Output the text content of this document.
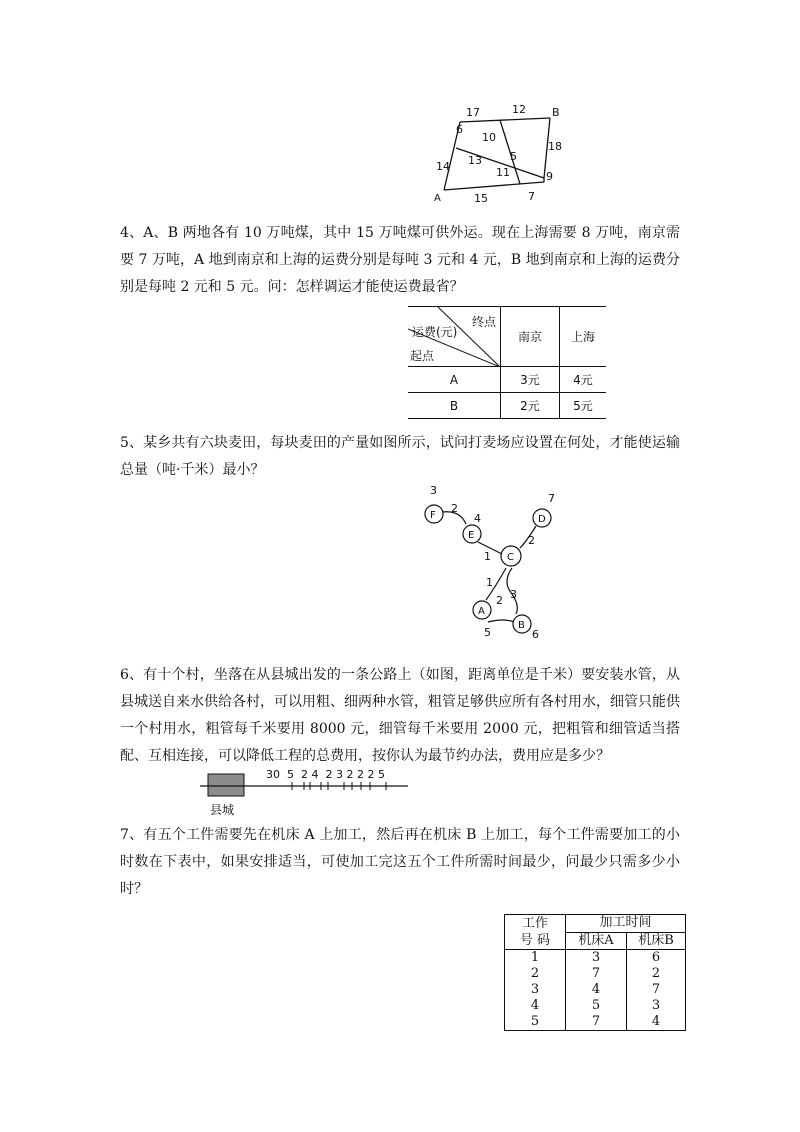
17	12 B
6
10
18
13	5
14	11	9
A	15	7
4、A、B 两地各有 10 万吨煤，其中 15 万吨煤可供外运。现在上海需要 8 万吨，南京需要 7 万吨，A 地到南京和上海的运费分别是每吨 3 元和 4 元，B 地到南京和上海的运费分别是每吨 2 元和 5 元。问：怎样调运才能使运费最省？
终点
运费(元)
起点	南京	上海
A	3元	4元
B	2元	5元
5、某乡共有六块麦田，每块麦田的产量如图所示，试问打麦场应设置在何处，才能使运输总量（吨·千米）最小？
3
F
2
4
E
1
7
D
2
C
1
2 3
A
5
B
6
6、有十个村，坐落在从县城出发的一条公路上（如图，距离单位是千米）要安装水管，从县城送自来水供给各村，可以用粗、细两种水管，粗管足够供应所有各村用水，细管只能供一个村用水，粗管每千米要用 8000 元，细管每千米要用 2000 元，把粗管和细管适当搭配、互相连接，可以降低工程的总费用，按你认为最节约办法，费用应是多少？
30  5  2 4  2 3 2 2 2 5
县城
7、有五个工件需要先在机床 A 上加工，然后再在机床 B 上加工，每个工件需要加工的小时数在下表中，如果安排适当，可使加工完这五个工件所需时间最少，问最少只需多少小时？
工作
号 码	加工时间	
	机床A	机床B
1	3	6
2	7	2
3	4	7
4	5	3
5	7	4
